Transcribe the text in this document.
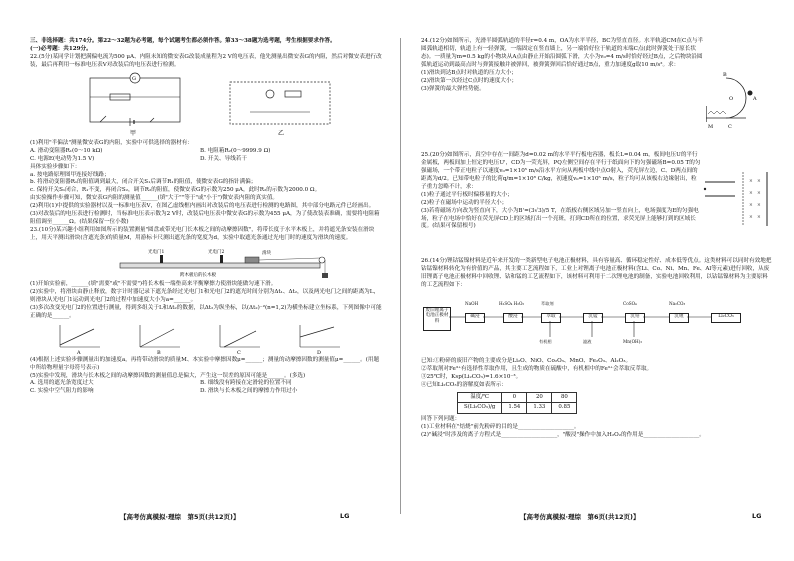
三、非选择题：共174分。第22～32题为必考题，每个试题考生都必须作答。第33～38题为选考题，考生根据要求作答。

(一)必考题：共129分。

22.(5分)某同学计划把满偏电流为500 μA、内阻未知的微安表G改装成量程为2 V的电压表，他先测量出微安表G的内阻，然后对微安表进行改装，最后再利用一标准电压表V对改装后的电压表进行检测。

G
甲	乙

(1)利用"半偏法"测量微安表G的内阻，实验中可供选择的器材有：

A. 滑动变阻器R₁(0～10 kΩ)	B. 电阻箱R₂(0～9999.9 Ω)
C. 电源E(电动势为1.5 V)	D. 开关、导线若干

具体实验步骤如下：

a. 按电路原理图甲连接好线路；

b. 将滑动变阻器R₁的阻值调到最大，闭合开关S₁后调节R₁的阻值，使微安表G的指针满偏；

c. 保持开关S₁闭合，R₁不变，再闭合S₂，调节R₂的阻值，使微安表G的示数为250 μA，此时R₂的示数为2000.0 Ω。

由实验操作步骤可知，微安表G内阻的测量值______(填"大于""等于"或"小于")微安表内阻的真实值。

(2)利用(1)中提供的实验器材以及一标准电压表V，在图乙虚线框内画出对改装后的电压表进行检测的电路图，其中部分电路元件已经画出。

(3)对改装后的电压表进行检测时，当标准电压表示数为2 V时，改装后电压表中微安表G的示数为455 μA，为了使改装表准确，需要将电阻箱阻值调至______Ω。(结果保留一位小数)

23.(10分)某兴趣小组利用如图所示的装置测量"圆盘或带光电门长木板之间的动摩擦因数"，将带长度于水平木板上，并将遮光条安装在滑块上，用天平测出滑块(含遮光条)的质量M，用游标卡尺测出遮光条的宽度为d，实验中取遮光条通过光电门时的速度为滑块的速度。

光电门1	光电门2	滑块
跨木板后的长木板

(1)开始实验前，______(填"需要"或"不需要")将长木板一端垫高来平衡摩擦力使滑块能做匀速下滑。

(2)实验中，将滑块由静止释放，数字计时器记录下遮光条经过光电门1和光电门2的遮光时间分别为Δt₁、Δt₂，以及两光电门之间的距离为L，则滑块从光电门1运动到光电门2的过程中加速度大小为a=______。

(3)多次改变光电门2的位置进行测量，得到多组关于L和Δt₂的数据，以Δt₂为纵坐标，以(Δt₂)⁻²(n=1,2)为横坐标建立坐标系，下列图像中可能正确的是______。

A	B	C	D

(4)根据上述实验步骤测量出的加速度a，再将带动滑块的质量M、本实验中摩擦因数μ=______；测量的动摩擦因数的测量值μ=______。(用题中所给物理量字母符号表示)

(5)实验中发现，滑块与长木板之间的动摩擦因数的测量值总是偏大，产生这一误差的原因可能是______。(多选)

A. 选用的遮光条宽度过大	B. 细线没有跨接在定滑轮的位置不同
C. 实验中空气阻力的影响	D. 滑块与长木板之间的摩擦力作用过小

24.(12分)如图所示，光滑半圆弧轨道的半径r=0.4 m，OA为水平半径，BC为竖直直径。水平轨道CM在C点与半圆弧轨道相切，轨道上有一轻弹簧，一端固定在竖直墙上，另一端恰好位于轨道的末端C点(此时弹簧处于原长状态)。一质量为m=0.5 kg的小物块从A点由静止开始沿圆弧下滑，大小为v₀=4 m/s时恰好经过B点，之后物块沿圆弧轨道运动到最高点时与弹簧接触并被弹回，被弹簧弹回后恰好通过B点，重力加速度g取10 m/s²。求：

(1)滑块到达B点时对轨道的压力大小；

(2)滑块第一次经过C点时的速度大小；

(3)弹簧的最大弹性势能。

B
A
O
M	C

25.(20分)如图所示，真空中存在一间距为d=0.02 m的水平平行板电容器，板长L=0.04 m，板间电压U的平行金属板，两板间加上恒定的电压U'，CD为一荧光屏，PQ左侧空间存在平行于纸面向下的匀强磁场B=0.05 T的匀强磁场，一个带正电粒子以速度v₀=1×10⁵ m/s沿水平方向从两板中线中点O射入，荧光屏左边，C、D两点间的距离为d/2。已知带电粒子的比荷q/m=1×10⁸ C/kg，初速度v₀=1×10⁵ m/s，粒子均可从该板右边缘射出，粒子重力忽略不计，求：

(1)粒子通过平行板时偏移量的大小；

(2)粒子在磁场中运动的半径大小；

(3)若将磁场方向改为竖直向下，大小为B'=(3√3)/5 T，在纸板右侧区域另加一竖直向上，电场强度为E的匀强电场，粒子在电场中恰好在荧光屏CD上的区域打出一个亮斑，打到CD所在的位置，求荧光屏上能够打到的区域长度。(结果可保留根号)

× ×
× ×
× ×
× ×

26.(14分)锂钴锰镍材料是近年来开发的一类新型电子电池正极材料，具有容量高、循环稳定性好、成本低等优点。这类材料可以同时有效地把钴锰镍材料转化为有价值的产品，其主要工艺流程如下，工业上对锂离子电池正极材料(含Li、Co、Ni、Mn、Fe、Al等元素)进行回收，从废旧锂离子电池正极材料中回收锂、钴和锰的工艺流程如下，该材料可利用于二次锂电池的制备，实验电池回收利用，以钴锰镍材料为主要原料的工艺流程如下：

废旧锂离子电池正极材料
碱浸	酸浸	萃取	沉锰	沉钴	沉锂	Li₂CO₃
NaOH	H₂SO₄ H₂O₂	萃取剂
有机相	滤液
CoSO₄
Mn(OH)₂
Na₂CO₃

已知:①粉碎的废旧产物的主要成分是Li₂O、NiO、Co₂O₃、MnO、Fe₂O₃、Al₂O₃。

②萃取剂对Fe³⁺有选择性萃取作用，且生成的物质在硫酸中，有机相中的Fe³⁺会萃取反萃取。

③25℃时，Ksp(Li₂CO₃)=1.6×10⁻³。

④已知Li₂CO₃的溶解度如表所示：

温度/℃	0	20	80
S(Li₂CO₃)/g	1.54	1.33	0.85

回答下列问题：

(1)工业材料在"焙烧"前先粉碎的目的是____________________。

(2)"碱浸"时涉及的离子方程式是____________________，"酸浸"操作中加入H₂O₂的作用是____________________。

【高考仿真模拟·理综　第5页(共12页)】	LG	【高考仿真模拟·理综　第6页(共12页)】	LG
